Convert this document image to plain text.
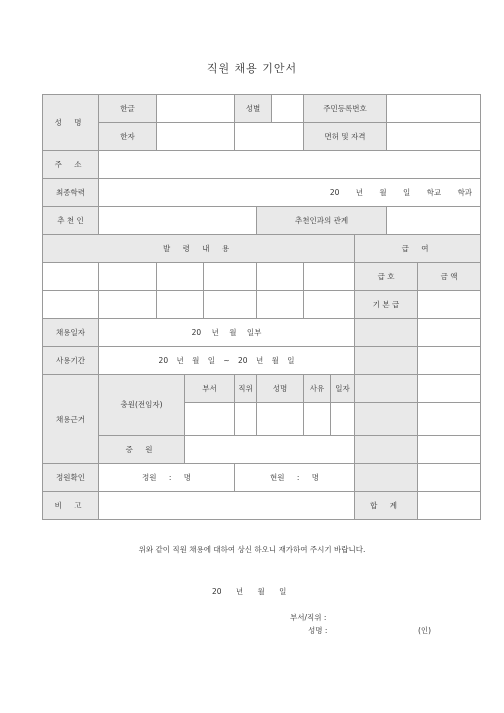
직원 채용 기안서
성 명	한글				성별			주민등록번호				
	한자							면허 및 자격				
주 소												
최종학력	20 년 월 일 학교 학과											
추 천 인						추천인과의 관계						
발 령 내 용										급 여		
										급 호		금 액
										기 본 급		
채용일자	20 년 월 일부											
사용기간	20 년 월 일 ~ 20 년 월 일											
채용근거	충원(전임자)		부서		직위	성명		사유	일자			

	증 원											
정원확인	정원 : 명				현원 : 명							
비 고										합 계		
위와 같이 직원 채용에 대하여 상신 하오니 재가하여 주시기 바랍니다.
20 년 월 일
부서/직위 :
성명 :	(인)
